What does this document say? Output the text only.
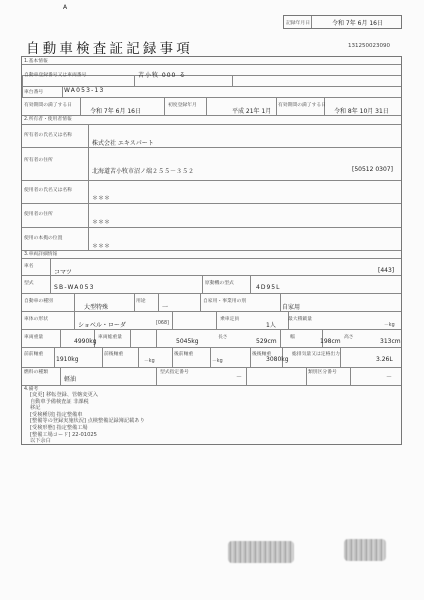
A
自動車検査証記録事項
記録年月日	令和 7年 6月 16日
131250023090
1.基本情報
自動車登録番号又は車両番号	苫小牧 000 る
車台番号	WA053-13
有効期間の満了する日
令和 7年 6月 16日
初度登録年月
平成 21年 1月
有効期間の満了する日
令和 8年 10月 31日
2.所有者・使用者情報
所有者の氏名又は名称
株式会社 エキスパート
所有者の住所
北海道苫小牧市沼ノ端２５５－３５２	[50512 0307]
使用者の氏名又は名称
＊＊＊
使用者の住所
＊＊＊
使用の本拠の位置
＊＊＊
3.車両詳細情報
車名
コマツ	[443]
型式
SB-WA053
原動機の型式
4D95L
自動車の種別
大型特殊
用途
一
自家用・事業用の別
自家用
車体の形状
ショベル・ローダ	[068]
乗車定員
1人
最大積載量
－kg
車両重量
4990kg
車両総重量
5045kg
長さ
529cm
幅
198cm
高さ
313cm
前前軸重
1910kg
前後軸重
－kg
後前軸重
－kg
後後軸重
3080kg
総排気量又は定格出力
3.26L
燃料の種類
軽油
型式指定番号
－
類別区分番号
－
4.備考
[変更] 移転登録、管轄変更入
自動車予備検査証 非課税
移記
[受検種別] 指定整備車
[整備等の登録実施状況] 点検整備記録簿記載あり
[受検形態] 指定整備工場
[整備工場コード] 22-01025
以下余白
